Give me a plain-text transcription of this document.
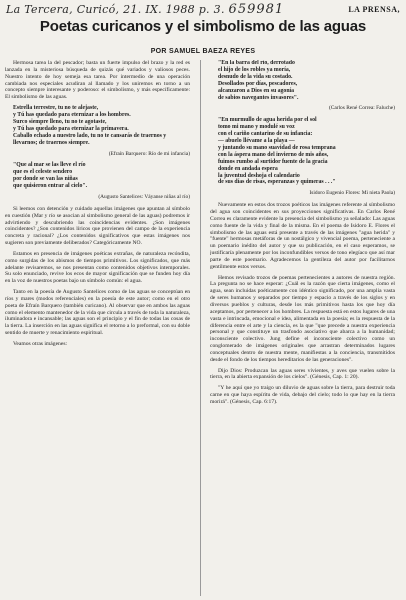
La Tercera, Curicó, 21. IX. 1988 p. 3. 659981	LA PRENSA,
Poetas curicanos y el simbolismo de las aguas
POR SAMUEL BAEZA REYES

Hermosa tarea la del pescador; basta un fuerte impulso del brazo y la red es lanzada en la misteriosa búsqueda de quizás qué variados y valiosos peces. Nuestro intento de hoy semeja esa tarea. Por intermedio de una operación cambiada nos especiales acudiran al llamado y los uniremos en torno a un concepto siempre interesante y poderoso: el simbolismo, y más específicamente: El simbolismo de las aguas.

Estrella terrestre, tu no te alejaste,
y Tú has quedado para eternizar a los hombres.
Surco siempre lleno, tu no te agotaste,
y Tú has quedado para eternizar la primavera.
Caballo echado a nuestro lado, tu no te cansarás de traernos y llevarnos; de traernos siempre.
(Efraín Barquero: Río de mi infancia)
"Que al mar se las lleve el río
que es el celeste sendero
por donde se van las niñas
que quisieron entrar al cielo".
(Augusto Santelices: Váyanse niñas al río)

Si leemos con detención y cuidado aquellas imágenes que apuntan al símbolo en cuestión (Mar y río se asocian al simbolismo general de las aguas) podremos ir advirtiendo y descubriendo las coincidencias evidentes. ¿Son imágenes coincidentes? ¿Son contenidos líricos que provienen del campo de la experiencia concreta y racional? ¿Los contenidos significativos que estas imágenes nos sugieren son previamente deliberados? Categóricamente NO.

Estamos en presencia de imágenes poéticas extrañas, de naturaleza recóndita, como surgidas de los abismos de tiempos primitivos. Los significados, que más adelante revisaremos, se nos presentan como contenidos objetivos intemporales. Su solo enunciado, revive los ecos de mayor significación que se funden hoy día en la voz de nuestros poetas bajo un símbolo común: el agua.

Tanto en la poesía de Augusto Santelices como de las aguas se conceptúan en ríos y mares (modos referenciales) en la poesía de este autor; como en el otro poeta de Efraín Barquero (también curicano). Al observar que en ambos las aguas como el elemento mantenedor de la vida que circula a través de toda la naturaleza, iluminadora e incansable; las aguas son el principio y el fin de todas las cosas de la tierra. La inserción en las aguas significa el retorno a lo preformal, con su doble sentido de muerte y renacimiento espiritual.

Veamos otras imágenes:

"En la barra del río, derrotado
el hijo de los robles ya moría,
desnudo de la vida su costado.
Desollados por días, pescadores,
alcanzaron a Dios en su agonía
de sabios navegantes invasores".
(Carlos René Correa: Faluche)
"En murmullo de agua herida por el sol
tomo mi mano y modulé su voz
con el cariño cantarino de su infancia:
— abuelo llévame a la playa —
y juntando su mano suavidad de rosa temprana
con la áspera mano del invierno de mis años,
fuimos rumbo al surtidor fuente de la gracia
donde en andada espera
la juventud deshoja el calendario
de sus días de risas, esperanzas y quimeras . . ."
Isidoro Eugenio Flores: Mi nieta Paola)

Nuevamente en estos dos trozos poéticos las imágenes referente al símbolismo del agua son coincidentes en sus proyecciones significativas. En Carlos René Correa es claramente evidente la presencia del simbolismo ya señalado: Las aguas como fuente de la vida y final de la misma. En el poema de Isidoro E. Flores el simbolismo de las aguas está presente a través de las imágenes "agua herida" y "fuente" hermosas metáforas de un nostálgico y vivencial poema, perteneciente a un poemario inédito del autor y que su publicación, en el caso esperamos, se justificaría plenamente por los inconfundibles versos de tono elegíaco que así mar parte de este poemario. Agradecemos la gentileza del autor por facilitarnos gentilmente estos versos.

Hemos revisado trozos de poemas pertenecientes a autores de nuestra región. La pregunta no se hace esperar: ¿Cuál es la razón que cierta imágenes, como el agua, sean incluidas poéticamente con idéntico significado, por una amplia vasta de seres humanos y separados por tiempo y espacio a través de los siglos y en diversos pueblos y culturas, desde los más primitivos hasta los que hoy día aceptamos, por pertenecer a los hombres. La respuesta está en estos lugares de una vasta e intrincada, emocional e idea, alimentada en la poesía; es la respuesta de la diferencia entre el arte y la ciencia, es la que "que precede a nuestra experiencia personal y que constituye un trasfondo asociativo que abarca a la humanidad; inconsciente colectivo. Jung define el inconsciente colectivo como un conglomerado de imágenes originales que arrastran determinados lugares conceptuales dentro de nuestra mente, manifiestas a la conciencia, transmitidos desde el fondo de los tiempos hereditarios de las generaciones".

Dijo Dios: Produzcan las aguas seres vivientes, y aves que vuelen sobre la tierra, en la abierta expansión de los cielos". (Génesis, Cap. 1: 20).

"Y he aquí que yo traigo un diluvio de aguas sobre la tierra, para destruir toda carne en que haya espíritu de vida, debajo del cielo; todo lo que hay en la tierra morirá". (Génesis, Cap. 6:17).
